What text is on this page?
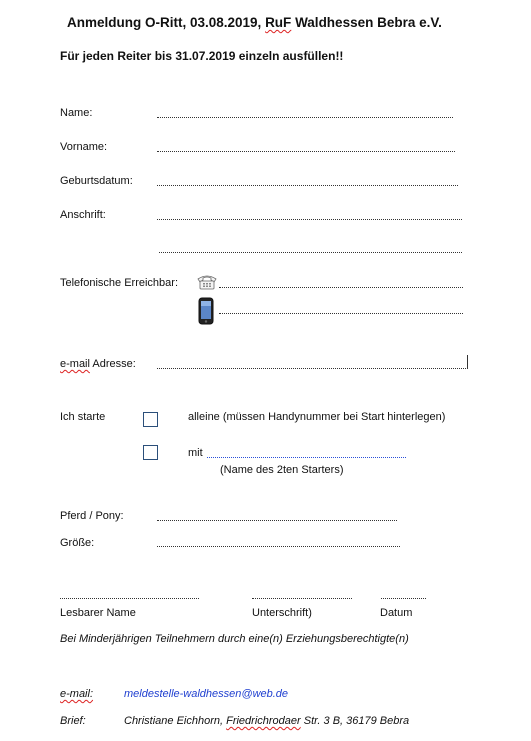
Anmeldung O-Ritt, 03.08.2019, RuF Waldhessen Bebra e.V.
Für jeden Reiter bis 31.07.2019 einzeln ausfüllen!!
Name:
Vorname:
Geburtsdatum:
Anschrift:
Telefonische Erreichbar:
e-mail Adresse:
Ich starte	alleine (müssen Handynummer bei Start hinterlegen)
mit
(Name des 2ten Starters)
Pferd / Pony:
Größe:
Lesbarer Name	Unterschrift)	Datum
Bei Minderjährigen Teilnehmern durch eine(n) Erziehungsberechtigte(n)
e-mail:	meldestelle-waldhessen@web.de
Brief:	Christiane Eichhorn, Friedrichrodaer Str. 3 B, 36179 Bebra
